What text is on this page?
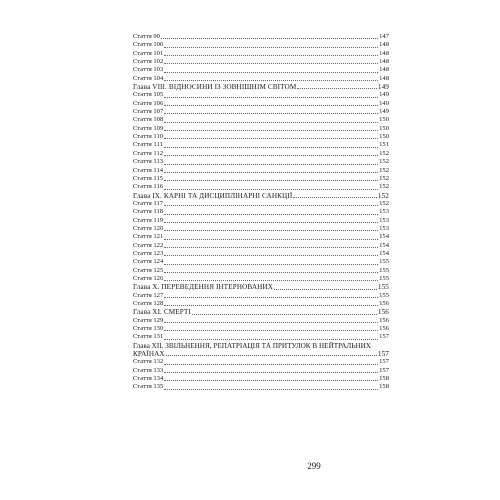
Стаття 99	147
Стаття 100	148
Стаття 101	148
Стаття 102	148
Стаття 103	148
Стаття 104	148
Глава VIII. ВІДНОСИНИ ІЗ ЗОВНІШНІМ СВІТОМ	149
Стаття 105	149
Стаття 106	149
Стаття 107	149
Стаття 108	150
Стаття 109	150
Стаття 110	150
Стаття 111	151
Стаття 112	152
Стаття 113	152
Стаття 114	152
Стаття 115	152
Стаття 116	152
Глава IX. КАРНІ ТА ДИСЦИПЛІНАРНІ САНКЦІЇ	152
Стаття 117	152
Стаття 118	153
Стаття 119	153
Стаття 120	153
Стаття 121	154
Стаття 122	154
Стаття 123	154
Стаття 124	155
Стаття 125	155
Стаття 126	155
Глава X. ПЕРЕВЕДЕННЯ ІНТЕРНОВАНИХ	155
Стаття 127	155
Стаття 128	156
Глава XI. СМЕРТІ	156
Стаття 129	156
Стаття 130	156
Стаття 131	157
Глава XII. ЗВІЛЬНЕННЯ, РЕПАТРІАЦІЯ ТА ПРИТУЛОК В НЕЙТРАЛЬНИХ
КРАЇНАХ	157
Стаття 132	157
Стаття 133	157
Стаття 134	158
Стаття 135	158
299
